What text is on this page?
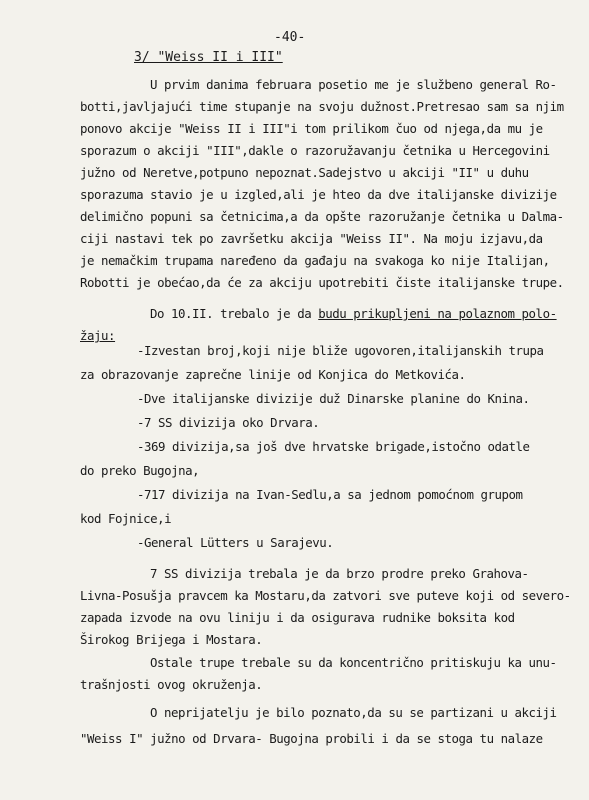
-40-
3/ "Weiss II i III"
U prvim danima februara posetio me je službeno general Ro-
botti,javljajući time stupanje na svoju dužnost.Pretresao sam sa njim
ponovo akcije "Weiss II i III"i tom prilikom čuo od njega,da mu je
sporazum o akciji "III",dakle o razoružavanju četnika u Hercegovini
južno od Neretve,potpuno nepoznat.Sadejstvo u akciji "II" u duhu
sporazuma stavio je u izgled,ali je hteo da dve italijanske divizije
delimično popuni sa četnicima,a da opšte razoružanje četnika u Dalma-
ciji nastavi tek po završetku akcija "Weiss II". Na moju izjavu,da
je nemačkim trupama naređeno da gađaju na svakoga ko nije Italijan,
Robotti je obećao,da će za akciju upotrebiti čiste italijanske trupe.
Do 10.II. trebalo je da budu prikupljeni na polaznom polo-
žaju:
-Izvestan broj,koji nije bliže ugovoren,italijanskih trupa
za obrazovanje zaprečne linije od Konjica do Metkovića.
-Dve italijanske divizije duž Dinarske planine do Knina.
-7 SS divizija oko Drvara.
-369 divizija,sa još dve hrvatske brigade,istočno odatle
do preko Bugojna,
-717 divizija na Ivan-Sedlu,a sa jednom pomoćnom grupom
kod Fojnice,i
-General Lütters u Sarajevu.
7 SS divizija trebala je da brzo prodre preko Grahova-
Livna-Posušja pravcem ka Mostaru,da zatvori sve puteve koji od severo-
zapada izvode na ovu liniju i da osigurava rudnike boksita kod
Širokog Brijega i Mostara.
Ostale trupe trebale su da koncentrično pritiskuju ka unu-
trašnjosti ovog okruženja.
O neprijatelju je bilo poznato,da su se partizani u akciji
"Weiss I" južno od Drvara- Bugojna probili i da se stoga tu nalaze
